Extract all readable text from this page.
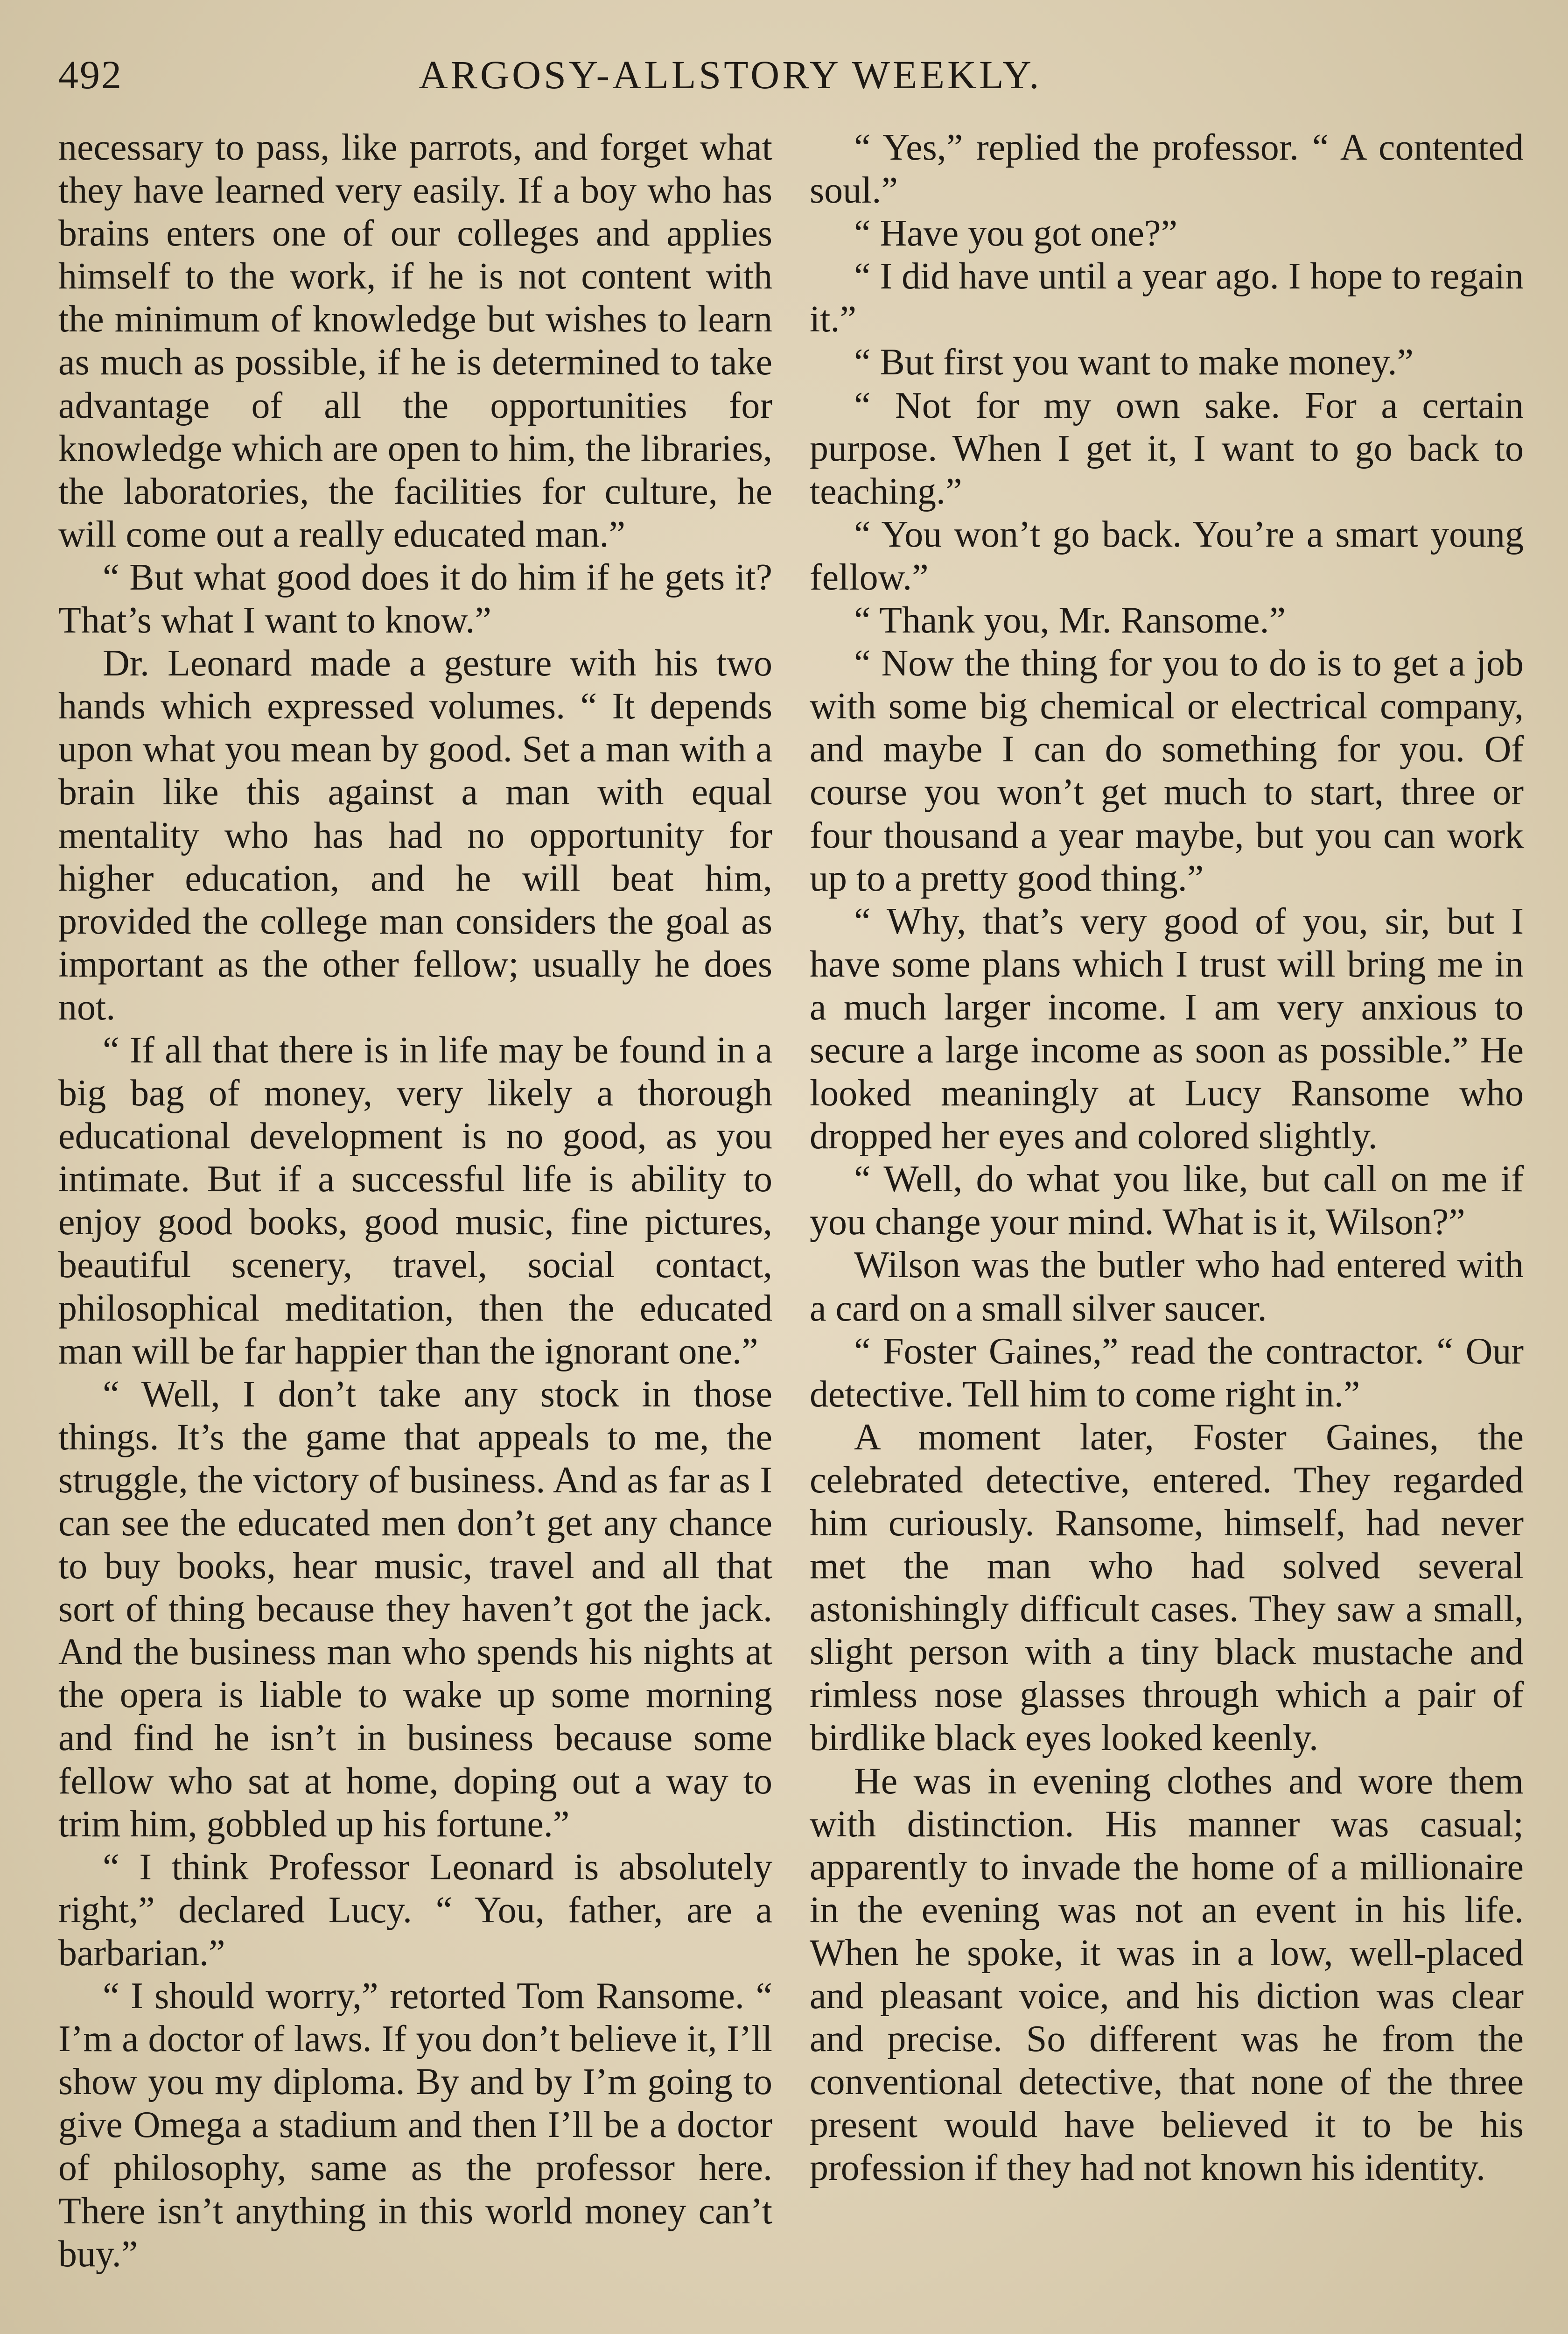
492	ARGOSY-ALLSTORY WEEKLY.

necessary to pass, like parrots, and forget what they have learned very easily. If a boy who has brains enters one of our colleges and applies himself to the work, if he is not content with the minimum of knowledge but wishes to learn as much as possible, if he is determined to take advantage of all the opportunities for knowledge which are open to him, the libraries, the laboratories, the facilities for culture, he will come out a really educated man.”

“ But what good does it do him if he gets it? That’s what I want to know.”

Dr. Leonard made a gesture with his two hands which expressed volumes. “ It depends upon what you mean by good. Set a man with a brain like this against a man with equal mentality who has had no opportunity for higher education, and he will beat him, provided the college man considers the goal as important as the other fellow; usually he does not.

“ If all that there is in life may be found in a big bag of money, very likely a thorough educational development is no good, as you intimate. But if a successful life is ability to enjoy good books, good music, fine pictures, beautiful scenery, travel, social contact, philosophical meditation, then the educated man will be far happier than the ignorant one.”

“ Well, I don’t take any stock in those things. It’s the game that appeals to me, the struggle, the victory of business. And as far as I can see the educated men don’t get any chance to buy books, hear music, travel and all that sort of thing because they haven’t got the jack. And the business man who spends his nights at the opera is liable to wake up some morning and find he isn’t in business because some fellow who sat at home, doping out a way to trim him, gobbled up his fortune.”

“ I think Professor Leonard is absolutely right,” declared Lucy. “ You, father, are a barbarian.”

“ I should worry,” retorted Tom Ransome. “ I’m a doctor of laws. If you don’t believe it, I’ll show you my diploma. By and by I’m going to give Omega a stadium and then I’ll be a doctor of philosophy, same as the professor here. There isn’t anything in this world money can’t buy.”

“ Yes,” replied the professor. “ A contented soul.”

“ Have you got one?”

“ I did have until a year ago. I hope to regain it.”

“ But first you want to make money.”

“ Not for my own sake. For a certain purpose. When I get it, I want to go back to teaching.”

“ You won’t go back. You’re a smart young fellow.”

“ Thank you, Mr. Ransome.”

“ Now the thing for you to do is to get a job with some big chemical or electrical company, and maybe I can do something for you. Of course you won’t get much to start, three or four thousand a year maybe, but you can work up to a pretty good thing.”

“ Why, that’s very good of you, sir, but I have some plans which I trust will bring me in a much larger income. I am very anxious to secure a large income as soon as possible.” He looked meaningly at Lucy Ransome who dropped her eyes and colored slightly.

“ Well, do what you like, but call on me if you change your mind. What is it, Wilson?”

Wilson was the butler who had entered with a card on a small silver saucer.

“ Foster Gaines,” read the contractor. “ Our detective. Tell him to come right in.”

A moment later, Foster Gaines, the celebrated detective, entered. They regarded him curiously. Ransome, himself, had never met the man who had solved several astonishingly difficult cases. They saw a small, slight person with a tiny black mustache and rimless nose glasses through which a pair of birdlike black eyes looked keenly.

He was in evening clothes and wore them with distinction. His manner was casual; apparently to invade the home of a millionaire in the evening was not an event in his life. When he spoke, it was in a low, well-placed and pleasant voice, and his diction was clear and precise. So different was he from the conventional detective, that none of the three present would have believed it to be his profession if they had not known his identity.
